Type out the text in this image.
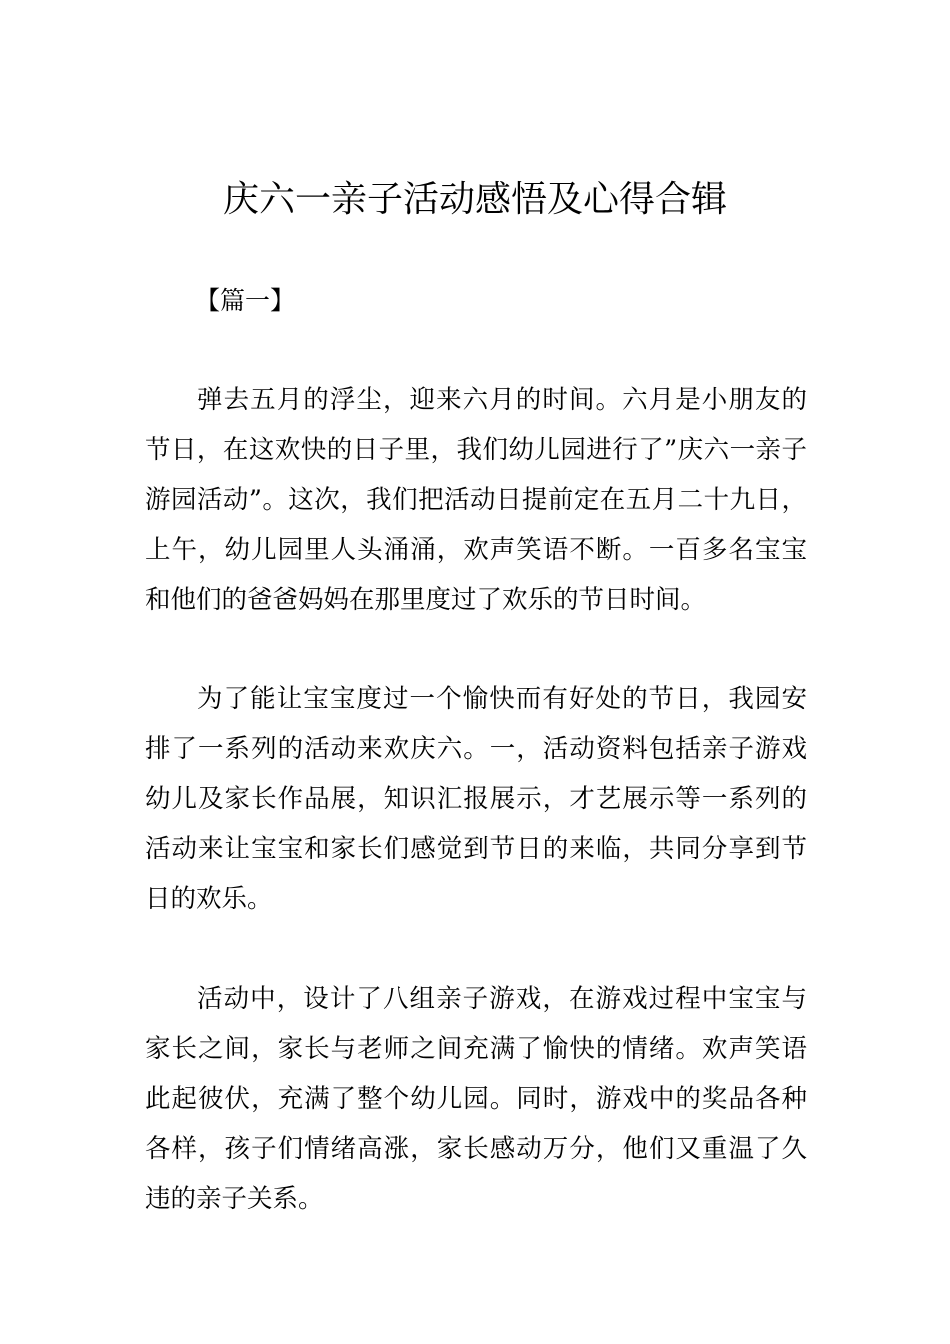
庆六一亲子活动感悟及心得合辑

【篇一】

弹去五月的浮尘，迎来六月的时间。六月是小朋友的节日，在这欢快的日子里，我们幼儿园进行了”庆六一亲子游园活动”。这次，我们把活动日提前定在五月二十九日，上午，幼儿园里人头涌涌，欢声笑语不断。一百多名宝宝和他们的爸爸妈妈在那里度过了欢乐的节日时间。

为了能让宝宝度过一个愉快而有好处的节日，我园安排了一系列的活动来欢庆六。一，活动资料包括亲子游戏幼儿及家长作品展，知识汇报展示，才艺展示等一系列的活动来让宝宝和家长们感觉到节日的来临，共同分享到节日的欢乐。

活动中，设计了八组亲子游戏，在游戏过程中宝宝与家长之间，家长与老师之间充满了愉快的情绪。欢声笑语此起彼伏，充满了整个幼儿园。同时，游戏中的奖品各种各样，孩子们情绪高涨，家长感动万分，他们又重温了久违的亲子关系。
